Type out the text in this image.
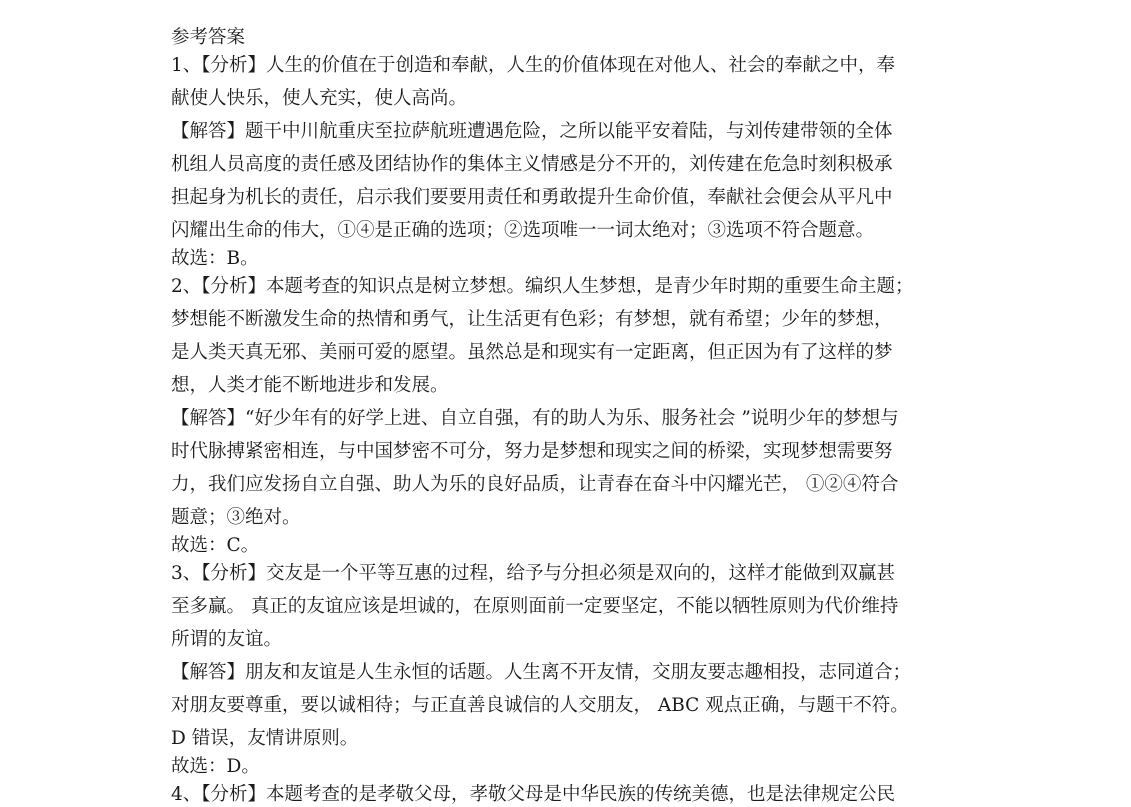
参考答案

1、【分析】人生的价值在于创造和奉献，人生的价值体现在对他人、社会的奉献之中，奉

献使人快乐，使人充实，使人高尚。

【解答】题干中川航重庆至拉萨航班遭遇危险，之所以能平安着陆，与刘传建带领的全体

机组人员高度的责任感及团结协作的集体主义情感是分不开的，刘传建在危急时刻积极承

担起身为机长的责任，启示我们要要用责任和勇敢提升生命价值，奉献社会便会从平凡中

闪耀出生命的伟大，①④是正确的选项；②选项唯一一词太绝对；③选项不符合题意。

故选：B。

2、【分析】本题考查的知识点是树立梦想。编织人生梦想，是青少年时期的重要生命主题；

梦想能不断激发生命的热情和勇气，让生活更有色彩；有梦想，就有希望；少年的梦想，

是人类天真无邪、美丽可爱的愿望。虽然总是和现实有一定距离，但正因为有了这样的梦

想，人类才能不断地进步和发展。

【解答】“好少年有的好学上进、自立自强，有的助人为乐、服务社会 ”说明少年的梦想与

时代脉搏紧密相连，与中国梦密不可分，努力是梦想和现实之间的桥梁，实现梦想需要努

力，我们应发扬自立自强、助人为乐的良好品质，让青春在奋斗中闪耀光芒， ①②④符合

题意；③绝对。

故选：C。

3、【分析】交友是一个平等互惠的过程，给予与分担必须是双向的，这样才能做到双赢甚

至多赢。 真正的友谊应该是坦诚的，在原则面前一定要坚定，不能以牺牲原则为代价维持

所谓的友谊。

【解答】朋友和友谊是人生永恒的话题。人生离不开友情，交朋友要志趣相投，志同道合；

对朋友要尊重，要以诚相待；与正直善良诚信的人交朋友， ABC 观点正确，与题干不符。

D 错误，友情讲原则。

故选：D。

4、【分析】本题考查的是孝敬父母，孝敬父母是中华民族的传统美德，也是法律规定公民
